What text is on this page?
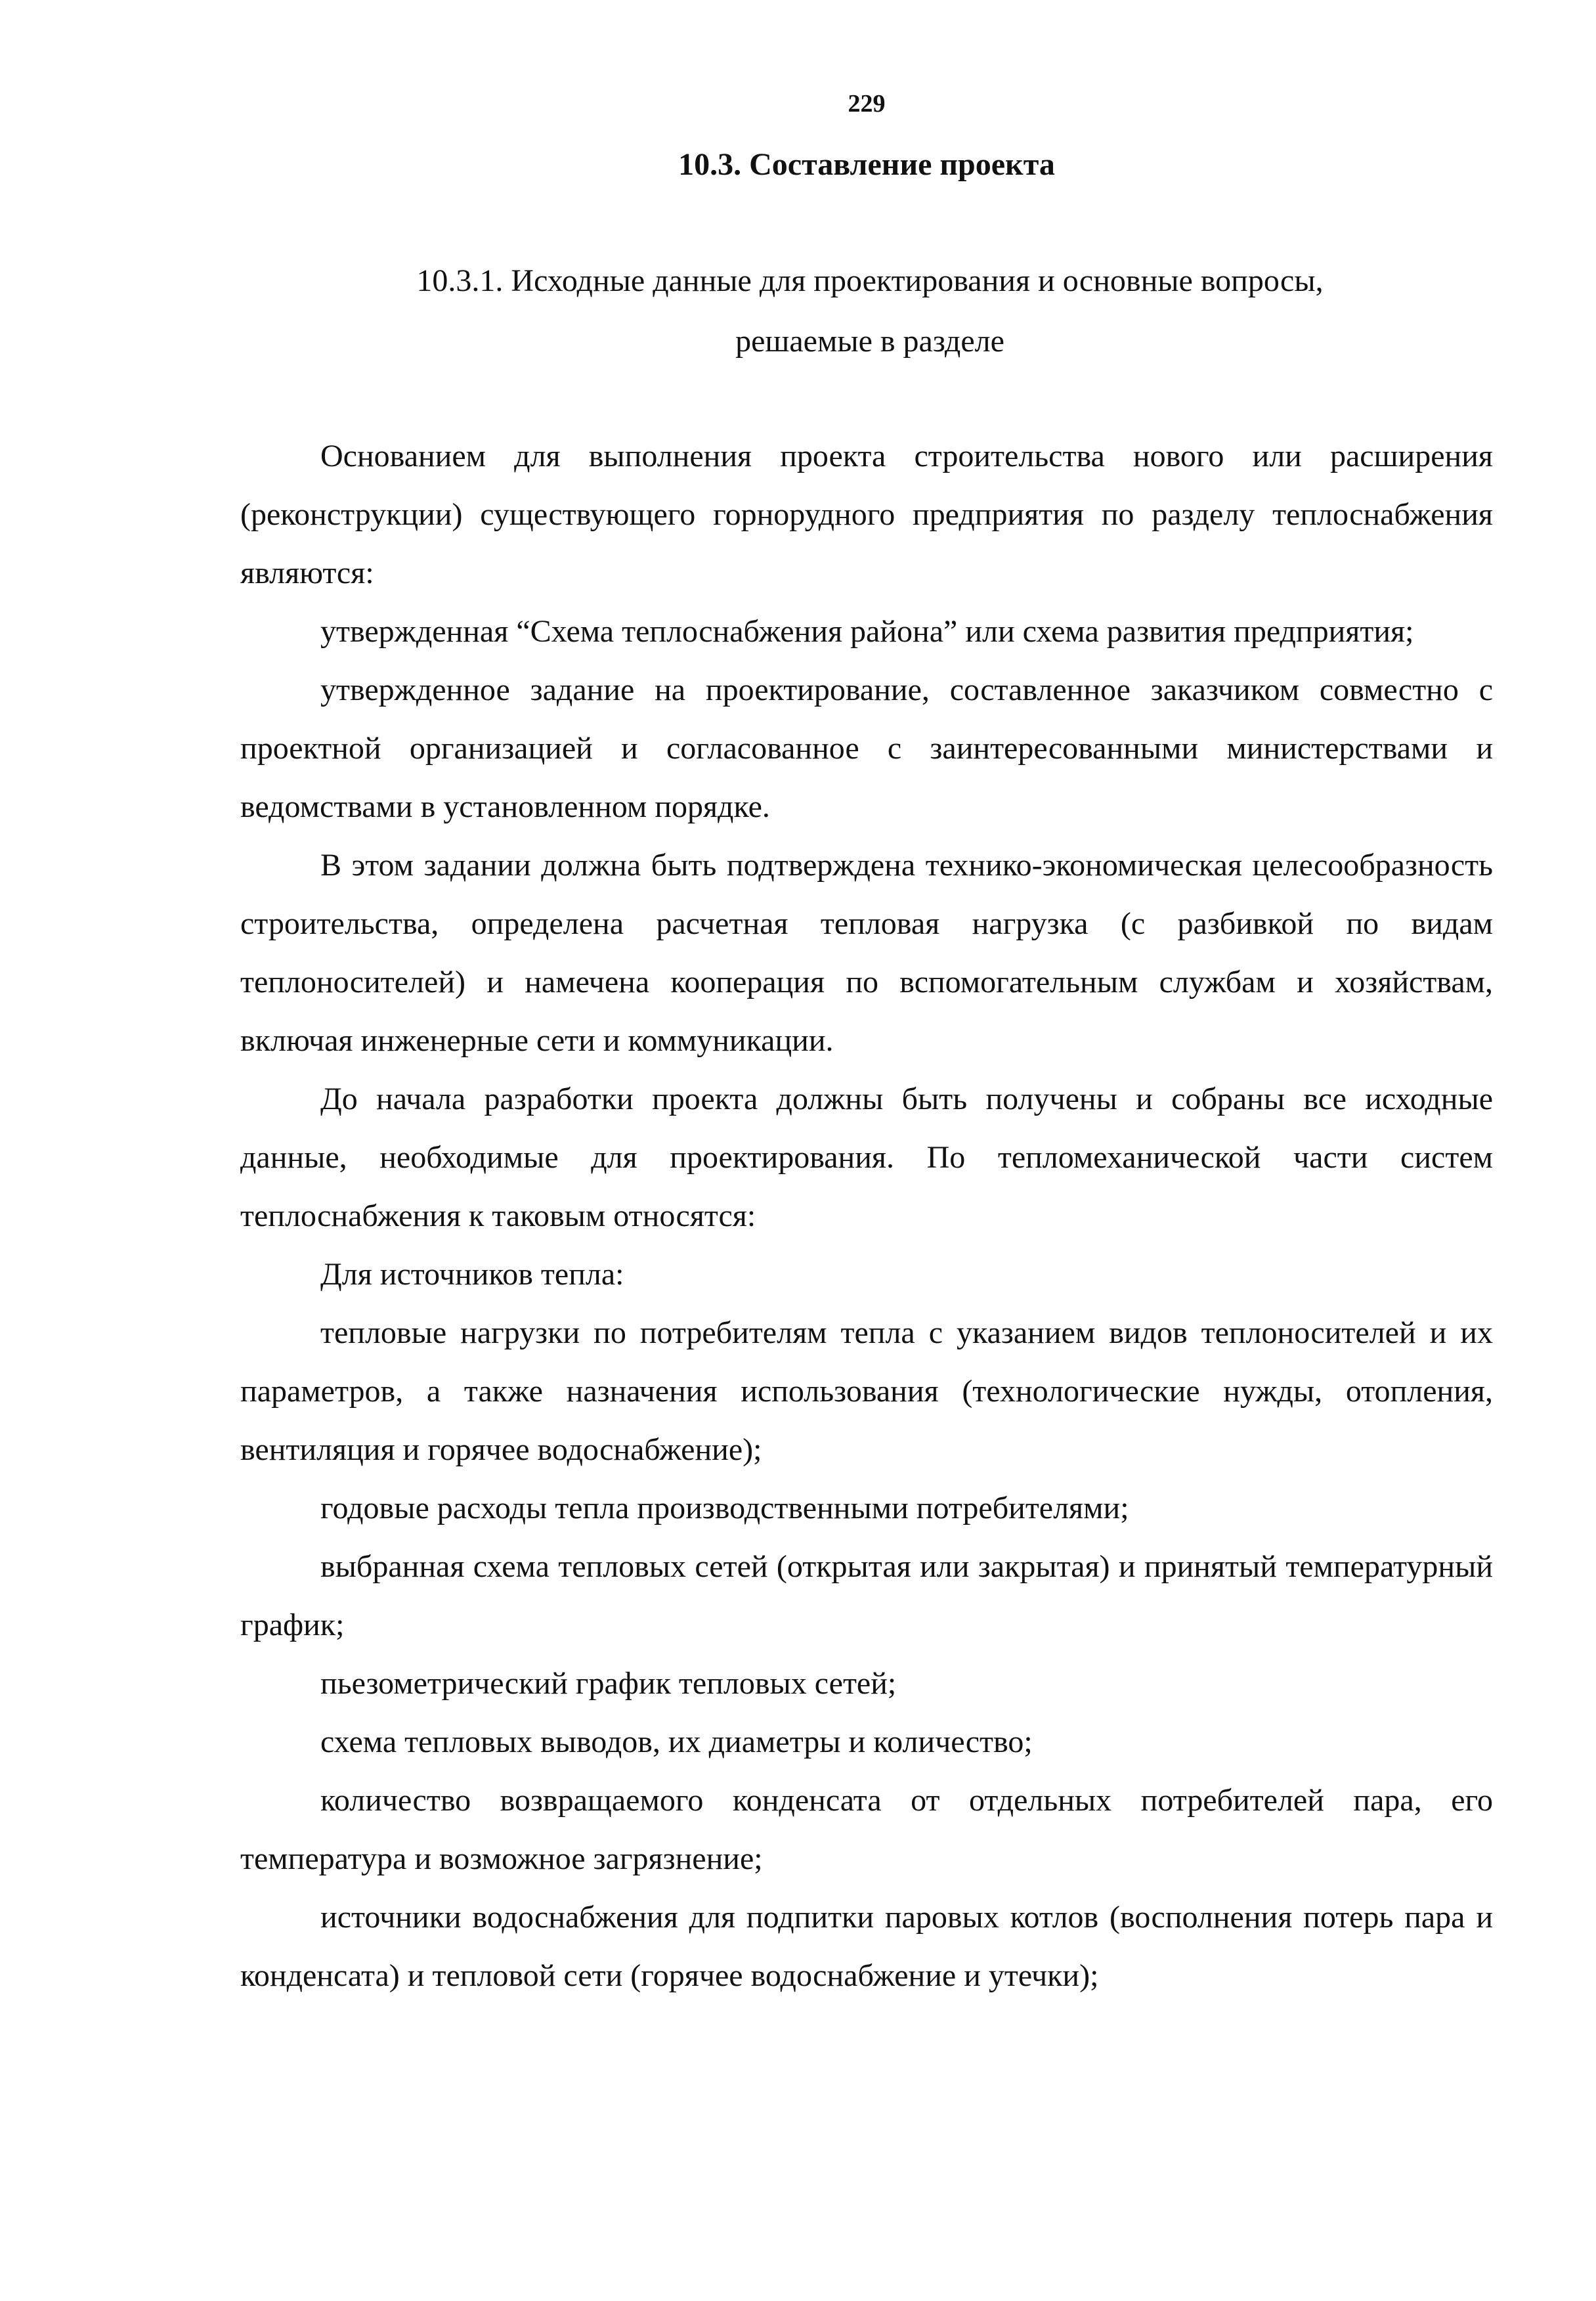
229
10.3. Составление проекта
10.3.1. Исходные данные для проектирования и основные вопросы,
решаемые в разделе

Основанием для выполнения проекта строительства нового или расширения (реконструкции) существующего горнорудного предприятия по разделу теплоснабжения являются:

утвержденная “Схема теплоснабжения района” или схема развития предприятия;

утвержденное задание на проектирование, составленное заказчиком совместно с проектной организацией и согласованное с заинтересованными министерствами и ведомствами в установленном порядке.

В этом задании должна быть подтверждена технико-экономическая целесообразность строительства, определена расчетная тепловая нагрузка (с разбивкой по видам теплоносителей) и намечена кооперация по вспомогательным службам и хозяйствам, включая инженерные сети и коммуникации.

До начала разработки проекта должны быть получены и собраны все исходные данные, необходимые для проектирования. По тепломеханической части систем теплоснабжения к таковым относятся:

Для источников тепла:

тепловые нагрузки по потребителям тепла с указанием видов теплоносителей и их параметров, а также назначения использования (технологические нужды, отопления, вентиляция и горячее водоснабжение);

годовые расходы тепла производственными потребителями;

выбранная схема тепловых сетей (открытая или закрытая) и принятый температурный график;

пьезометрический график тепловых сетей;

схема тепловых выводов, их диаметры и количество;

количество возвращаемого конденсата от отдельных потребителей пара, его температура и возможное загрязнение;

источники водоснабжения для подпитки паровых котлов (восполнения потерь пара и конденсата) и тепловой сети (горячее водоснабжение и утечки);
